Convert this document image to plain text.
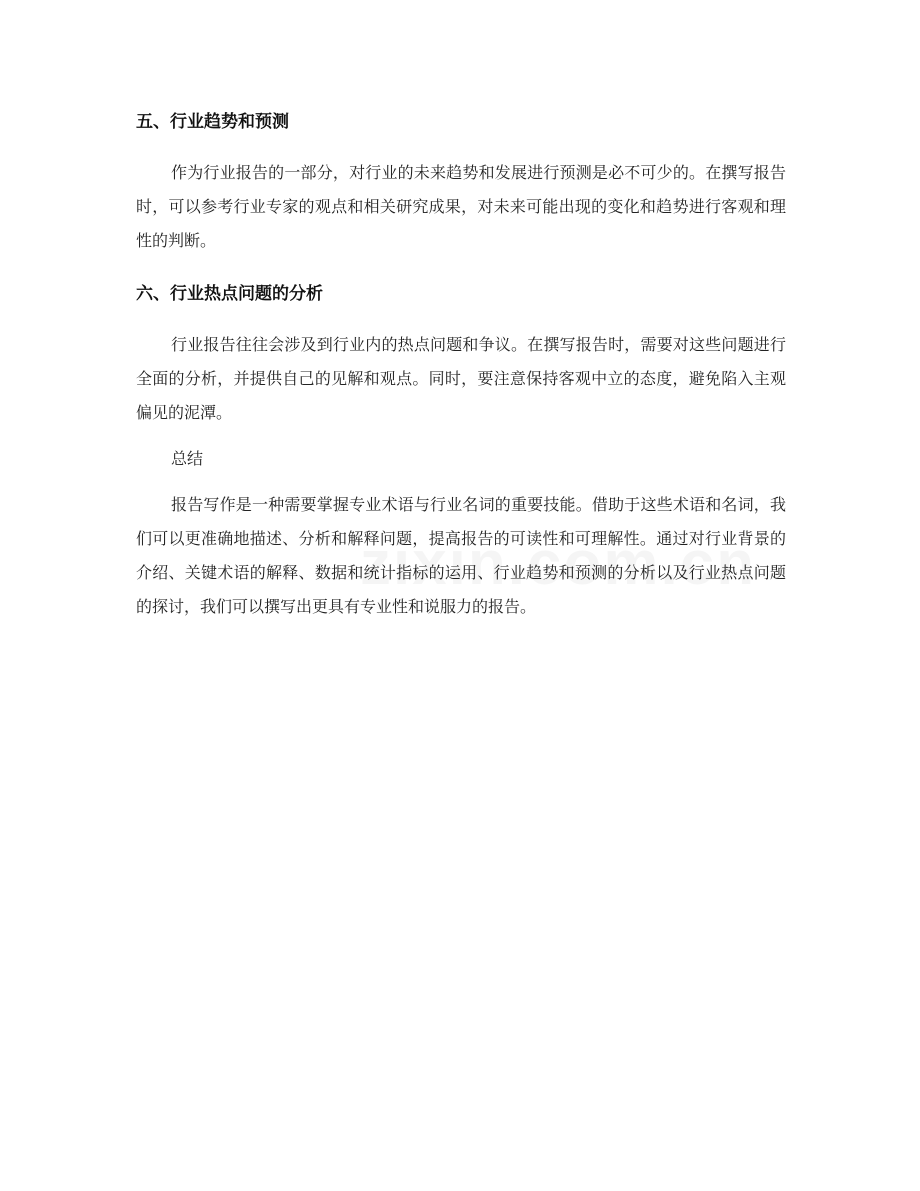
五、行业趋势和预测

作为行业报告的一部分，对行业的未来趋势和发展进行预测是必不可少的。在撰写报告时，可以参考行业专家的观点和相关研究成果，对未来可能出现的变化和趋势进行客观和理性的判断。

六、行业热点问题的分析

行业报告往往会涉及到行业内的热点问题和争议。在撰写报告时，需要对这些问题进行全面的分析，并提供自己的见解和观点。同时，要注意保持客观中立的态度，避免陷入主观偏见的泥潭。

总结

报告写作是一种需要掌握专业术语与行业名词的重要技能。借助于这些术语和名词，我们可以更准确地描述、分析和解释问题，提高报告的可读性和可理解性。通过对行业背景的介绍、关键术语的解释、数据和统计指标的运用、行业趋势和预测的分析以及行业热点问题的探讨，我们可以撰写出更具有专业性和说服力的报告。
